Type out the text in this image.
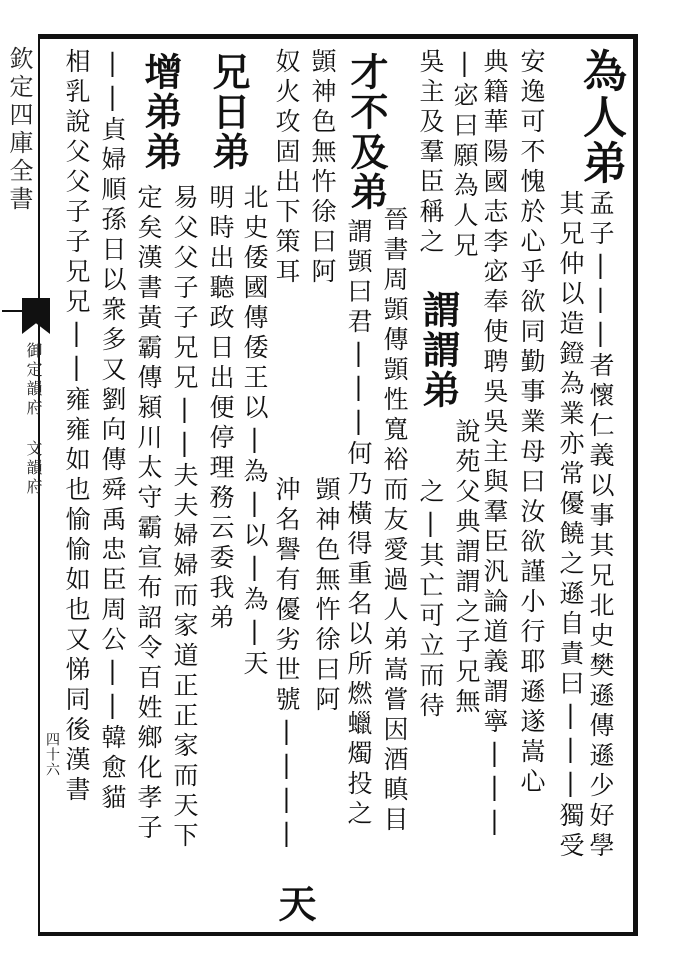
欽定四庫全書
御定韻府 文韻府
四十六
為人弟
孟子|||者懷仁義以事其兄北史樊遜傳遜少好學
其兄仲以造鐙為業亦常優饒之遜自責曰|||獨受
安逸可不愧於心乎欲同勤事業母曰汝欲謹小行耶遜遂嵩心
典籍華陽國志李宓奉使聘吳吳主與羣臣汎論道義謂寧|||
|宓曰願為人兄
謂謂弟
說苑父典謂謂之子兄無
吳主及羣臣稱之
之|其亡可立而待
才不及弟
晉書周顗傳顗性寬裕而友愛過人弟嵩嘗因酒瞋目
謂顗曰君|||何乃橫得重名以所燃蠟燭投之
顗神色無忤徐曰阿
顗神色無忤徐曰阿
奴火攻固出下策耳
沖名譽有優劣世號||||
天
兄日弟
北史倭國傳倭王以|為|以|為|天
明時出聽政日出便停理務云委我弟
增弟弟
易父父子子兄兄||夫夫婦婦而家道正正家而天下
定矣漢書黃霸傳潁川太守霸宣布詔令百姓鄉化孝子
||貞婦順孫日以衆多又劉向傳舜禹忠臣周公||韓愈貓
相乳說父父子子兄兄||雍雍如也愉愉如也又悌同後漢書
